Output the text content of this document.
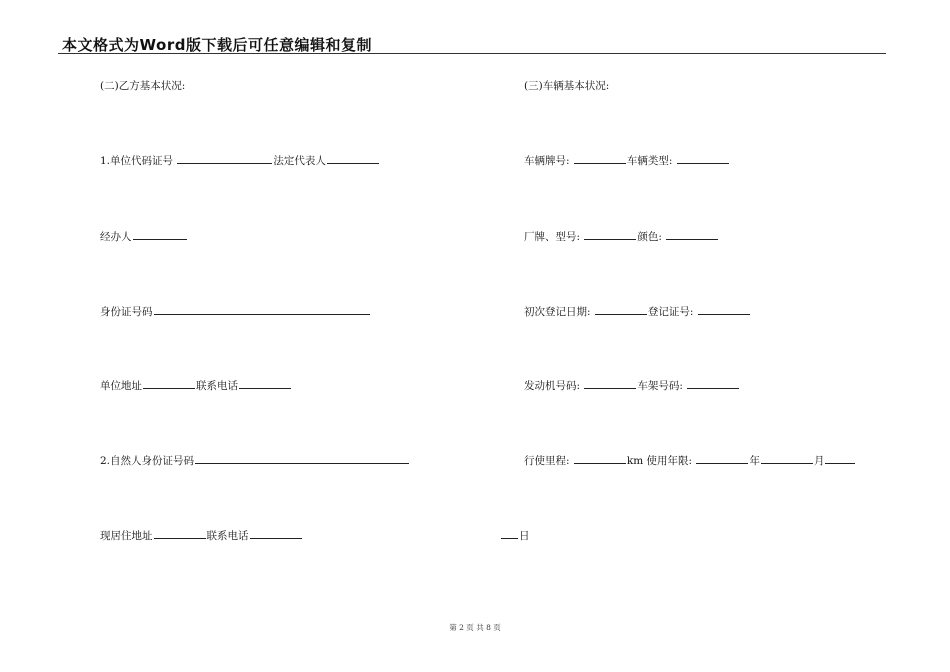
本文格式为Word版下载后可任意编辑和复制
(二)乙方基本状况:
1.单位代码证号	法定代表人
经办人
身份证号码
单位地址	联系电话
2.自然人身份证号码
现居住地址	联系电话
(三)车辆基本状况:
车辆牌号:	车辆类型:
厂牌、型号:	颜色:
初次登记日期:	登记证号:
发动机号码:	车架号码:
行使里程:	km 使用年限:	年	月
日
第 2 页 共 8 页
